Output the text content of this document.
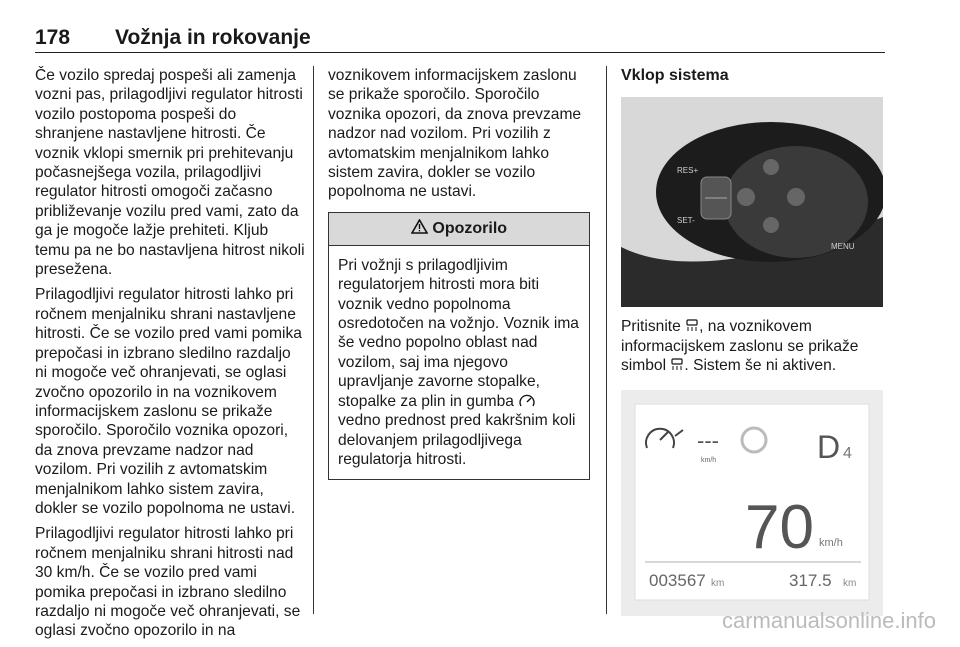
178 Vožnja in rokovanje

Če vozilo spredaj pospeši ali zamenja vozni pas, prilagodljivi regulator hitrosti vozilo postopoma pospeši do shranjene nastavljene hitrosti. Če voznik vklopi smernik pri prehitevanju počasnejšega vozila, prilagodljivi regulator hitrosti omogoči začasno približevanje vozilu pred vami, zato da ga je mogoče lažje prehiteti. Kljub temu pa ne bo nastavljena hitrost nikoli presežena.

Prilagodljivi regulator hitrosti lahko pri ročnem menjalniku shrani nastavljene hitrosti. Če se vozilo pred vami pomika prepočasi in izbrano sledilno razdaljo ni mogoče več ohranjevati, se oglasi zvočno opozorilo in na voznikovem informacijskem zaslonu se prikaže sporočilo. Sporočilo voznika opozori, da znova prevzame nadzor nad vozilom. Pri vozilih z avtomatskim menjalnikom lahko sistem zavira, dokler se vozilo popolnoma ne ustavi.

Prilagodljivi regulator hitrosti lahko pri ročnem menjalniku shrani hitrosti nad 30 km/h. Če se vozilo pred vami pomika prepočasi in izbrano sledilno razdaljo ni mogoče več ohranjevati, se oglasi zvočno opozorilo in na

voznikovem informacijskem zaslonu se prikaže sporočilo. Sporočilo voznika opozori, da znova prevzame nadzor nad vozilom. Pri vozilih z avtomatskim menjalnikom lahko sistem zavira, dokler se vozilo popolnoma ne ustavi.

Opozorilo
Pri vožnji s prilagodljivim regulatorjem hitrosti mora biti voznik vedno popolnoma osredotočen na vožnjo. Voznik ima še vedno popolno oblast nad vozilom, saj ima njegovo upravljanje zavorne stopalke, stopalke za plin in gumba  vedno prednost pred kakršnim koli delovanjem prilagodljivega regulatorja hitrosti.
Vklop sistema
RES+
SET-
MENU
Pritisnite , na voznikovem informacijskem zaslonu se prikaže simbol . Sistem še ni aktiven.
---
km/h	D 4
70 km/h
003567 km	317.5 km
carmanualsonline.info
